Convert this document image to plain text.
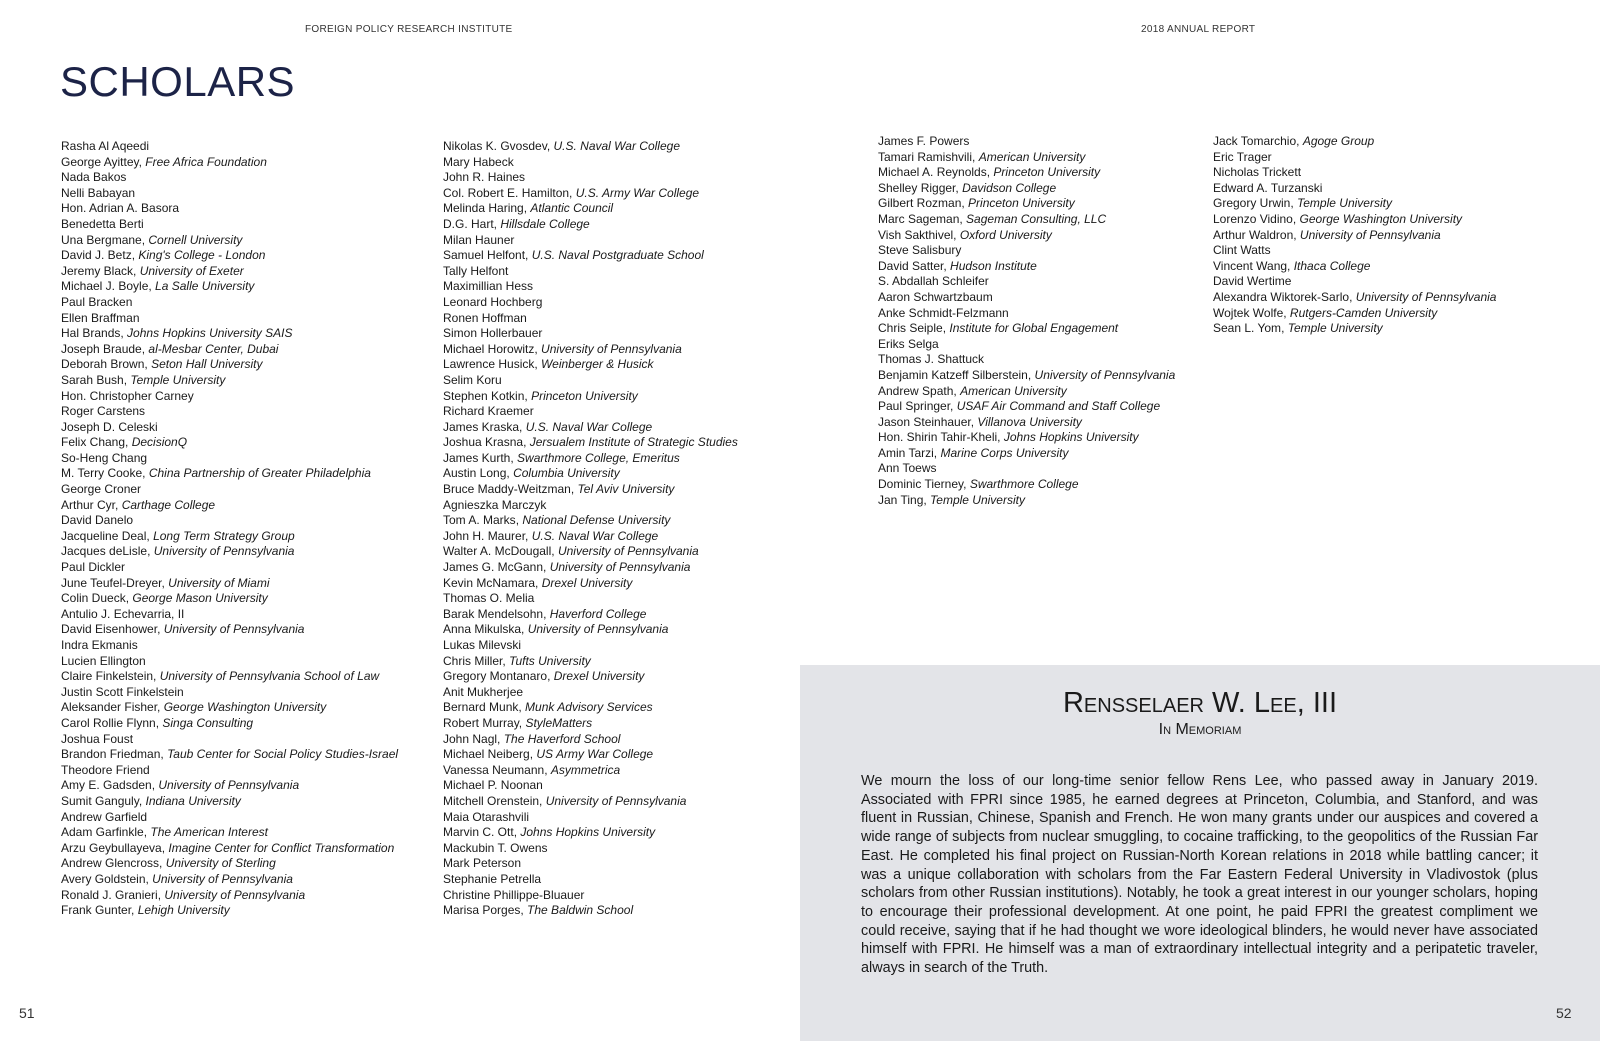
FOREIGN POLICY RESEARCH INSTITUTE	2018 ANNUAL REPORT
SCHOLARS
Rasha Al Aqeedi
George Ayittey, Free Africa Foundation
Nada Bakos
Nelli Babayan
Hon. Adrian A. Basora
Benedetta Berti
Una Bergmane, Cornell University
David J. Betz, King's College - London
Jeremy Black, University of Exeter
Michael J. Boyle, La Salle University
Paul Bracken
Ellen Braffman
Hal Brands, Johns Hopkins University SAIS
Joseph Braude, al-Mesbar Center, Dubai
Deborah Brown, Seton Hall University
Sarah Bush, Temple University
Hon. Christopher Carney
Roger Carstens
Joseph D. Celeski
Felix Chang, DecisionQ
So-Heng Chang
M. Terry Cooke, China Partnership of Greater Philadelphia
George Croner
Arthur Cyr, Carthage College
David Danelo
Jacqueline Deal, Long Term Strategy Group
Jacques deLisle, University of Pennsylvania
Paul Dickler
June Teufel-Dreyer, University of Miami
Colin Dueck, George Mason University
Antulio J. Echevarria, II
David Eisenhower, University of Pennsylvania
Indra Ekmanis
Lucien Ellington
Claire Finkelstein, University of Pennsylvania School of Law
Justin Scott Finkelstein
Aleksander Fisher, George Washington University
Carol Rollie Flynn, Singa Consulting
Joshua Foust
Brandon Friedman, Taub Center for Social Policy Studies-Israel
Theodore Friend
Amy E. Gadsden, University of Pennsylvania
Sumit Ganguly, Indiana University
Andrew Garfield
Adam Garfinkle, The American Interest
Arzu Geybullayeva, Imagine Center for Conflict Transformation
Andrew Glencross, University of Sterling
Avery Goldstein, University of Pennsylvania
Ronald J. Granieri, University of Pennsylvania
Frank Gunter, Lehigh University
Nikolas K. Gvosdev, U.S. Naval War College
Mary Habeck
John R. Haines
Col. Robert E. Hamilton, U.S. Army War College
Melinda Haring, Atlantic Council
D.G. Hart, Hillsdale College
Milan Hauner
Samuel Helfont, U.S. Naval Postgraduate School
Tally Helfont
Maximillian Hess
Leonard Hochberg
Ronen Hoffman
Simon Hollerbauer
Michael Horowitz, University of Pennsylvania
Lawrence Husick, Weinberger & Husick
Selim Koru
Stephen Kotkin, Princeton University
Richard Kraemer
James Kraska, U.S. Naval War College
Joshua Krasna, Jersualem Institute of Strategic Studies
James Kurth, Swarthmore College, Emeritus
Austin Long, Columbia University
Bruce Maddy-Weitzman, Tel Aviv University
Agnieszka Marczyk
Tom A. Marks, National Defense University
John H. Maurer, U.S. Naval War College
Walter A. McDougall, University of Pennsylvania
James G. McGann, University of Pennsylvania
Kevin McNamara, Drexel University
Thomas O. Melia
Barak Mendelsohn, Haverford College
Anna Mikulska, University of Pennsylvania
Lukas Milevski
Chris Miller, Tufts University
Gregory Montanaro, Drexel University
Anit Mukherjee
Bernard Munk, Munk Advisory Services
Robert Murray, StyleMatters
John Nagl, The Haverford School
Michael Neiberg, US Army War College
Vanessa Neumann, Asymmetrica
Michael P. Noonan
Mitchell Orenstein, University of Pennsylvania
Maia Otarashvili
Marvin C. Ott, Johns Hopkins University
Mackubin T. Owens
Mark Peterson
Stephanie Petrella
Christine Phillippe-Bluauer
Marisa Porges, The Baldwin School
James F. Powers
Tamari Ramishvili, American University
Michael A. Reynolds, Princeton University
Shelley Rigger, Davidson College
Gilbert Rozman, Princeton University
Marc Sageman, Sageman Consulting, LLC
Vish Sakthivel, Oxford University
Steve Salisbury
David Satter, Hudson Institute
S. Abdallah Schleifer
Aaron Schwartzbaum
Anke Schmidt-Felzmann
Chris Seiple, Institute for Global Engagement
Eriks Selga
Thomas J. Shattuck
Benjamin Katzeff Silberstein, University of Pennsylvania
Andrew Spath, American University
Paul Springer, USAF Air Command and Staff College
Jason Steinhauer, Villanova University
Hon. Shirin Tahir-Kheli, Johns Hopkins University
Amin Tarzi, Marine Corps University
Ann Toews
Dominic Tierney, Swarthmore College
Jan Ting, Temple University
Jack Tomarchio, Agoge Group
Eric Trager
Nicholas Trickett
Edward A. Turzanski
Gregory Urwin, Temple University
Lorenzo Vidino, George Washington University
Arthur Waldron, University of Pennsylvania
Clint Watts
Vincent Wang, Ithaca College
David Wertime
Alexandra Wiktorek-Sarlo, University of Pennsylvania
Wojtek Wolfe, Rutgers-Camden University
Sean L. Yom, Temple University
Rensselaer W. Lee, III
In Memoriam

We mourn the loss of our long-time senior fellow Rens Lee, who passed away in January 2019. Associated with FPRI since 1985, he earned degrees at Princeton, Columbia, and Stanford, and was fluent in Russian, Chinese, Spanish and French. He won many grants under our auspices and covered a wide range of subjects from nuclear smuggling, to cocaine trafficking, to the geopolitics of the Russian Far East. He completed his final project on Russian-North Korean relations in 2018 while battling cancer; it was a unique collaboration with scholars from the Far Eastern Federal University in Vladivostok (plus scholars from other Russian institutions). Notably, he took a great interest in our younger scholars, hoping to encourage their professional development. At one point, he paid FPRI the greatest compliment we could receive, saying that if he had thought we wore ideological blinders, he would never have associated himself with FPRI. He himself was a man of extraordinary intellectual integrity and a peripatetic traveler, always in search of the Truth.

51	52
